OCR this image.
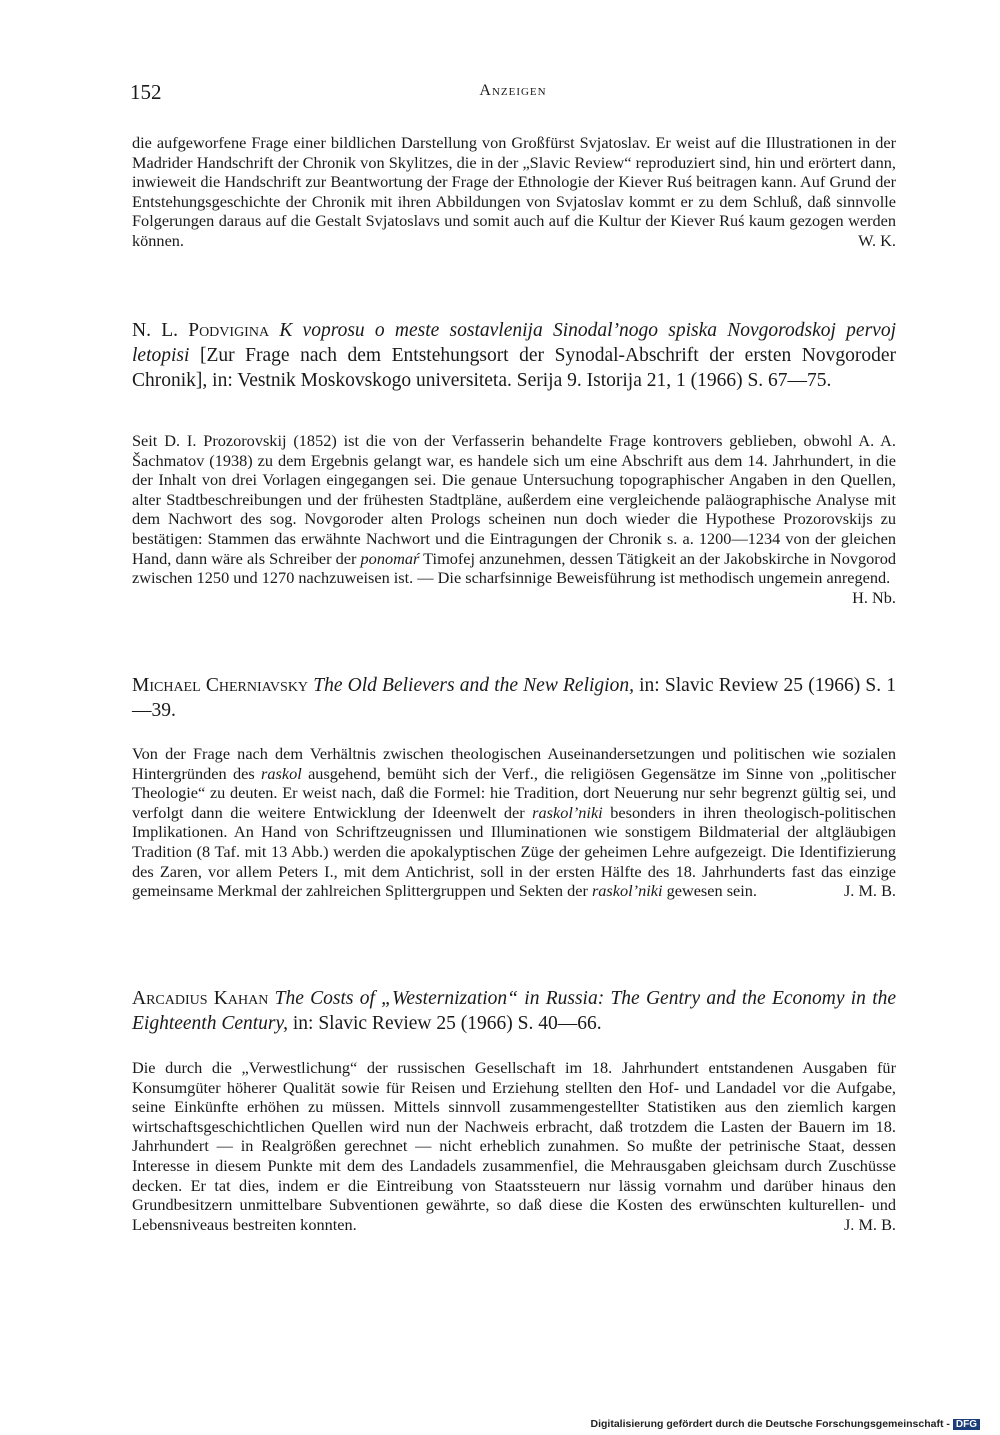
152	Anzeigen

die aufgeworfene Frage einer bildlichen Darstellung von Großfürst Svjatoslav. Er weist auf die Illustrationen in der Madrider Handschrift der Chronik von Skylitzes, die in der „Slavic Review“ reproduziert sind, hin und erörtert dann, inwieweit die Handschrift zur Beantwortung der Frage der Ethnologie der Kiever Ruś beitragen kann. Auf Grund der Entstehungsgeschichte der Chronik mit ihren Abbildungen von Svjatoslav kommt er zu dem Schluß, daß sinnvolle Folgerungen daraus auf die Gestalt Svjatoslavs und somit auch auf die Kultur der Kiever Ruś kaum gezogen werden können.	W. K.

N. L. Podvigina K voprosu o meste sostavlenija Sinodal’nogo spiska Novgorodskoj pervoj letopisi [Zur Frage nach dem Entstehungsort der Synodal-Abschrift der ersten Novgoroder Chronik], in: Vestnik Moskovskogo universiteta. Serija 9. Istorija 21, 1 (1966) S. 67—75.

Seit D. I. Prozorovskij (1852) ist die von der Verfasserin behandelte Frage kontrovers geblieben, obwohl A. A. Šachmatov (1938) zu dem Ergebnis gelangt war, es handele sich um eine Abschrift aus dem 14. Jahrhundert, in die der Inhalt von drei Vorlagen eingegangen sei. Die genaue Untersuchung topographischer Angaben in den Quellen, alter Stadtbeschreibungen und der frühesten Stadtpläne, außerdem eine vergleichende paläographische Analyse mit dem Nachwort des sog. Novgoroder alten Prologs scheinen nun doch wieder die Hypothese Prozorovskijs zu bestätigen: Stammen das erwähnte Nachwort und die Eintragungen der Chronik s. a. 1200—1234 von der gleichen Hand, dann wäre als Schreiber der ponomaŕ Timofej anzunehmen, dessen Tätigkeit an der Jakobskirche in Novgorod zwischen 1250 und 1270 nachzuweisen ist. — Die scharfsinnige Beweisführung ist methodisch ungemein anregend.
H. Nb.

Michael Cherniavsky The Old Believers and the New Religion, in: Slavic Review 25 (1966) S. 1—39.

Von der Frage nach dem Verhältnis zwischen theologischen Auseinandersetzungen und politischen wie sozialen Hintergründen des raskol ausgehend, bemüht sich der Verf., die religiösen Gegensätze im Sinne von „politischer Theologie“ zu deuten. Er weist nach, daß die Formel: hie Tradition, dort Neuerung nur sehr begrenzt gültig sei, und verfolgt dann die weitere Entwicklung der Ideenwelt der raskol’niki besonders in ihren theologisch-politischen Implikationen. An Hand von Schriftzeugnissen und Illuminationen wie sonstigem Bildmaterial der altgläubigen Tradition (8 Taf. mit 13 Abb.) werden die apokalyptischen Züge der geheimen Lehre aufgezeigt. Die Identifizierung des Zaren, vor allem Peters I., mit dem Antichrist, soll in der ersten Hälfte des 18. Jahrhunderts fast das einzige gemeinsame Merkmal der zahlreichen Splittergruppen und Sekten der raskol’niki gewesen sein.	J. M. B.

Arcadius Kahan The Costs of „Westernization“ in Russia: The Gentry and the Economy in the Eighteenth Century, in: Slavic Review 25 (1966) S. 40—66.

Die durch die „Verwestlichung“ der russischen Gesellschaft im 18. Jahrhundert entstandenen Ausgaben für Konsumgüter höherer Qualität sowie für Reisen und Erziehung stellten den Hof- und Landadel vor die Aufgabe, seine Einkünfte erhöhen zu müssen. Mittels sinnvoll zusammengestellter Statistiken aus den ziemlich kargen wirtschaftsgeschichtlichen Quellen wird nun der Nachweis erbracht, daß trotzdem die Lasten der Bauern im 18. Jahrhundert — in Realgrößen gerechnet — nicht erheblich zunahmen. So mußte der petrinische Staat, dessen Interesse in diesem Punkte mit dem des Landadels zusammenfiel, die Mehrausgaben gleichsam durch Zuschüsse decken. Er tat dies, indem er die Eintreibung von Staatssteuern nur lässig vornahm und darüber hinaus den Grundbesitzern unmittelbare Subventionen gewährte, so daß diese die Kosten des erwünschten kulturellen- und Lebensniveaus bestreiten konnten.	J. M. B.

Digitalisierung gefördert durch die Deutsche Forschungsgemeinschaft - DFG
